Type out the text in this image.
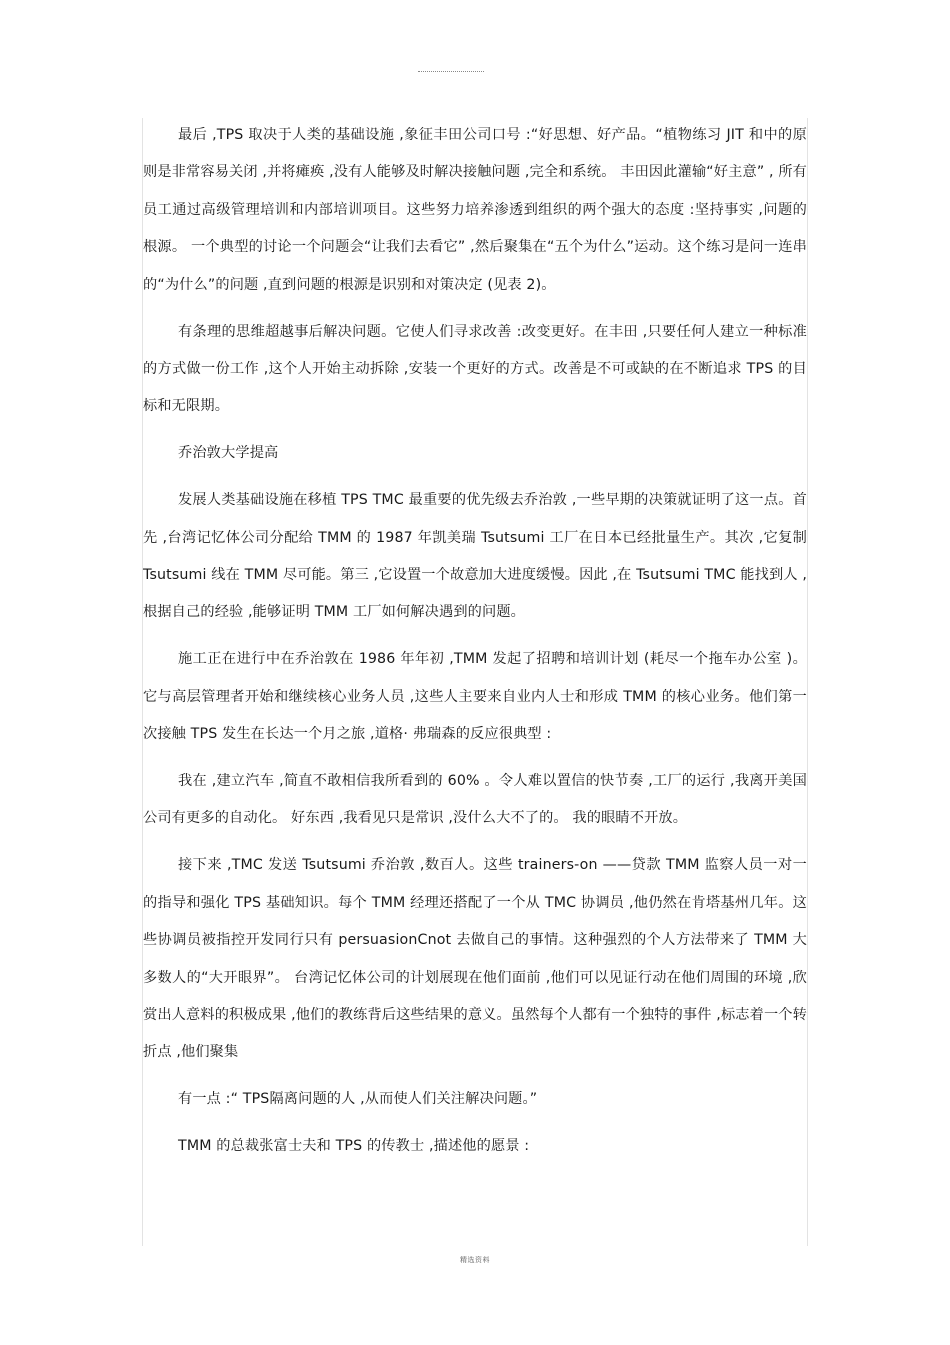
最后 ,TPS 取决于人类的基础设施 ,象征丰田公司口号 :“好思想、好产品。“植物练习 JIT 和中的原则是非常容易关闭 ,并将瘫痪 ,没有人能够及时解决接触问题 ,完全和系统。 丰田因此灌输“好主意” , 所有员工通过高级管理培训和内部培训项目。这些努力培养渗透到组织的两个强大的态度 :坚持事实 ,问题的根源。 一个典型的讨论一个问题会“让我们去看它” ,然后聚集在“五个为什么”运动。这个练习是问一连串的“为什么”的问题 ,直到问题的根源是识别和对策决定 (见表 2)。

有条理的思维超越事后解决问题。它使人们寻求改善 :改变更好。在丰田 ,只要任何人建立一种标准的方式做一份工作 ,这个人开始主动拆除 ,安装一个更好的方式。改善是不可或缺的在不断追求 TPS 的目标和无限期。

乔治敦大学提高

发展人类基础设施在移植 TPS TMC 最重要的优先级去乔治敦 ,一些早期的决策就证明了这一点。首先 ,台湾记忆体公司分配给 TMM 的 1987 年凯美瑞 Tsutsumi 工厂在日本已经批量生产。其次 ,它复制 Tsutsumi 线在 TMM 尽可能。第三 ,它设置一个故意加大进度缓慢。因此 ,在 Tsutsumi TMC 能找到人 ,根据自己的经验 ,能够证明 TMM 工厂如何解决遇到的问题。

施工正在进行中在乔治敦在 1986 年年初 ,TMM 发起了招聘和培训计划 (耗尽一个拖车办公室 )。它与高层管理者开始和继续核心业务人员 ,这些人主要来自业内人士和形成 TMM 的核心业务。他们第一次接触 TPS 发生在长达一个月之旅 ,道格· 弗瑞森的反应很典型 :

我在 ,建立汽车 ,简直不敢相信我所看到的 60% 。令人难以置信的快节奏 ,工厂的运行 ,我离开美国公司有更多的自动化。 好东西 ,我看见只是常识 ,没什么大不了的。 我的眼睛不开放。

接下来 ,TMC 发送 Tsutsumi 乔治敦 ,数百人。这些 trainers-on ——贷款 TMM 监察人员一对一的指导和强化 TPS 基础知识。每个 TMM 经理还搭配了一个从 TMC 协调员 ,他仍然在肯塔基州几年。这些协调员被指控开发同行只有 persuasionCnot 去做自己的事情。这种强烈的个人方法带来了 TMM 大多数人的“大开眼界”。 台湾记忆体公司的计划展现在他们面前 ,他们可以见证行动在他们周围的环境 ,欣赏出人意料的积极成果 ,他们的教练背后这些结果的意义。虽然每个人都有一个独特的事件 ,标志着一个转折点 ,他们聚集

有一点 :“ TPS隔离问题的人 ,从而使人们关注解决问题。”

TMM 的总裁张富士夫和 TPS 的传教士 ,描述他的愿景 :

精选资料
